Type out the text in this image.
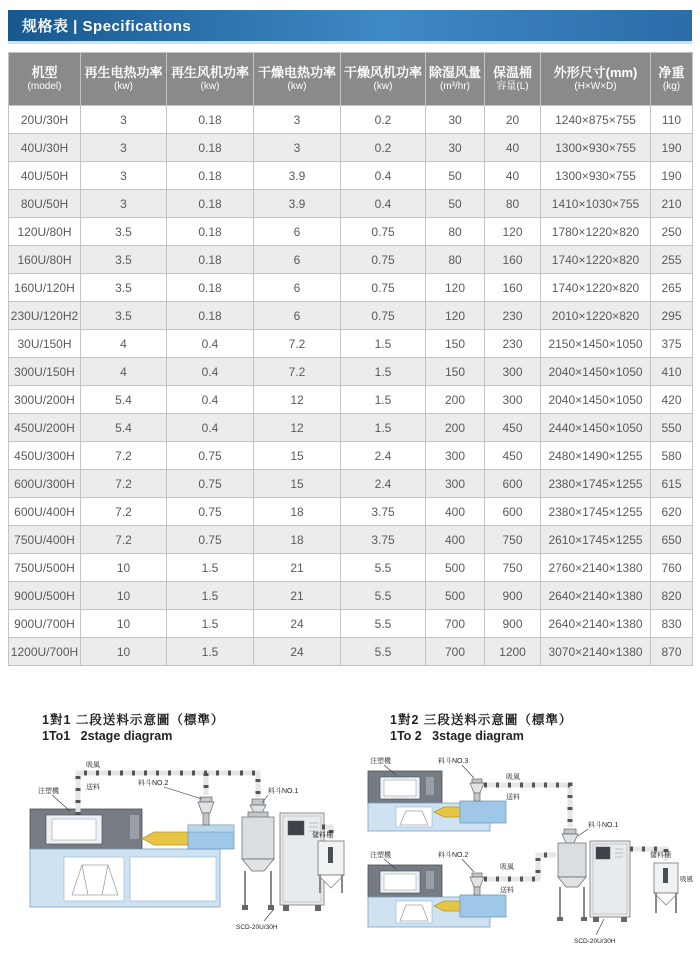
规格表 | Specifications
机型
(model)

再生电热功率
(kw)

再生风机功率
(kw)

干燥电热功率
(kw)

干燥风机功率
(kw)

除湿风量
(m³/hr)

保温桶
容量(L)

外形尺寸(mm)
(H×W×D)

净重
(kg)

20U/30H	3	0.18	3	0.2	30	20	1240×875×755	110
40U/30H	3	0.18	3	0.2	30	40	1300×930×755	190
40U/50H	3	0.18	3.9	0.4	50	40	1300×930×755	190
80U/50H	3	0.18	3.9	0.4	50	80	1410×1030×755	210
120U/80H	3.5	0.18	6	0.75	80	120	1780×1220×820	250
160U/80H	3.5	0.18	6	0.75	80	160	1740×1220×820	255
160U/120H	3.5	0.18	6	0.75	120	160	1740×1220×820	265
230U/120H2	3.5	0.18	6	0.75	120	230	2010×1220×820	295
30U/150H	4	0.4	7.2	1.5	150	230	2150×1450×1050	375
300U/150H	4	0.4	7.2	1.5	150	300	2040×1450×1050	410
300U/200H	5.4	0.4	12	1.5	200	300	2040×1450×1050	420
450U/200H	5.4	0.4	12	1.5	200	450	2440×1450×1050	550
450U/300H	7.2	0.75	15	2.4	300	450	2480×1490×1255	580
600U/300H	7.2	0.75	15	2.4	300	600	2380×1745×1255	615
600U/400H	7.2	0.75	18	3.75	400	600	2380×1745×1255	620
750U/400H	7.2	0.75	18	3.75	400	750	2610×1745×1255	650
750U/500H	10	1.5	21	5.5	500	750	2760×2140×1380	760
900U/500H	10	1.5	21	5.5	500	900	2640×2140×1380	820
900U/700H	10	1.5	24	5.5	700	900	2640×2140×1380	830
1200U/700H	10	1.5	24	5.5	700	1200	3070×2140×1380	870
1對1 二段送料示意圖（標準）
1To1   2stage diagram
注塑機
料斗NO.2
吸風
送料
料斗NO.1
儲料桶
SCD-20U/30H
1對2 三段送料示意圖（標準）
1To 2   3stage diagram
注塑機	料斗NO.3
注塑機	料斗NO.2
吸風
送料
吸風
送料
料斗NO.1
儲料桶
吸風
SCD-20U/30H
